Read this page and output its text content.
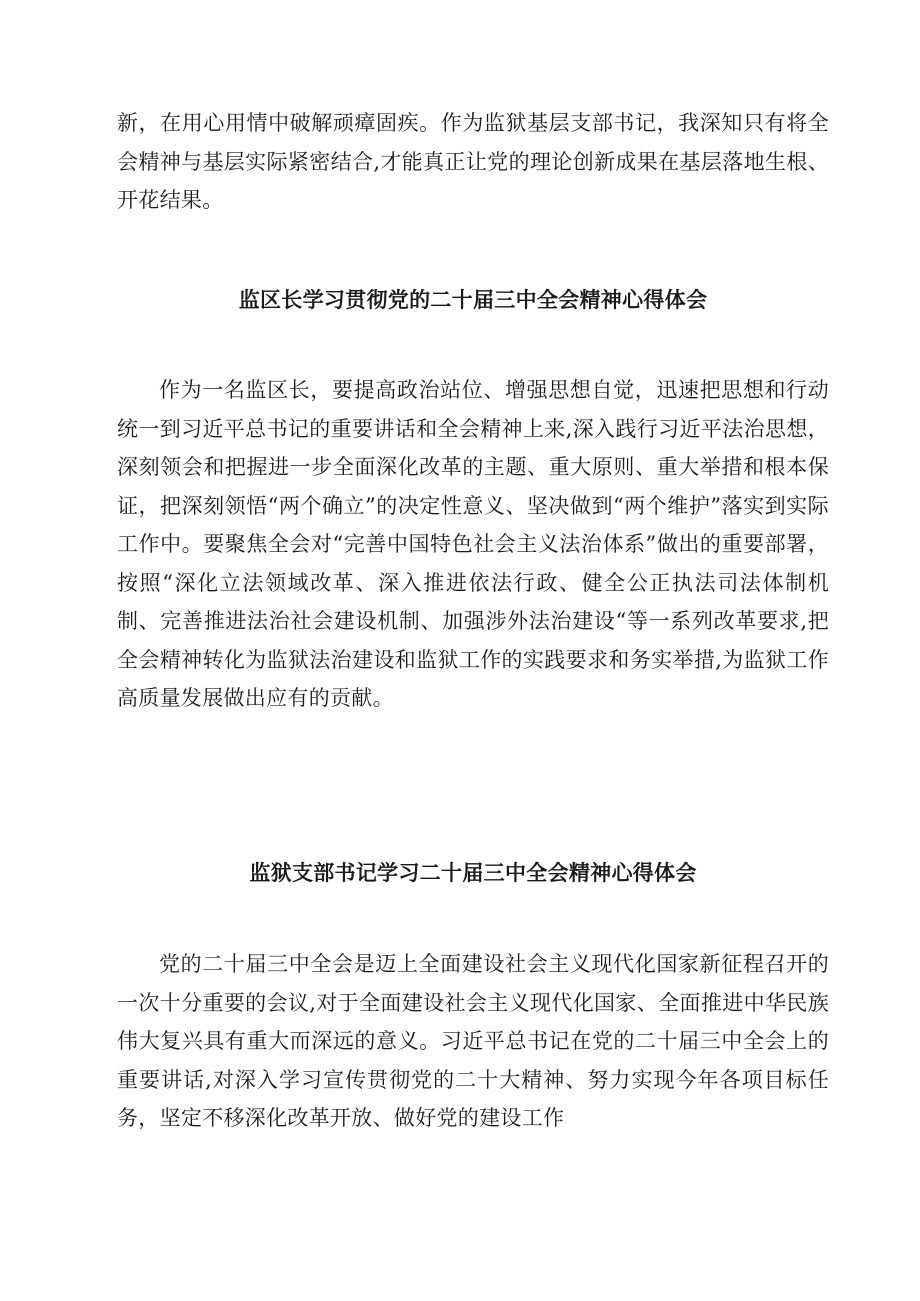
新，在用心用情中破解顽瘴固疾。作为监狱基层支部书记，我深知只有将全会精神与基层实际紧密结合,才能真正让党的理论创新成果在基层落地生根、开花结果。

监区长学习贯彻党的二十届三中全会精神心得体会

作为一名监区长，要提高政治站位、增强思想自觉，迅速把思想和行动统一到习近平总书记的重要讲话和全会精神上来,深入践行习近平法治思想，深刻领会和把握进一步全面深化改革的主题、重大原则、重大举措和根本保证，把深刻领悟“两个确立”的决定性意义、坚决做到“两个维护”落实到实际工作中。要聚焦全会对“完善中国特色社会主义法治体系”做出的重要部署，按照“深化立法领域改革、深入推进依法行政、健全公正执法司法体制机制、完善推进法治社会建设机制、加强涉外法治建设“等一系列改革要求,把全会精神转化为监狱法治建设和监狱工作的实践要求和务实举措,为监狱工作高质量发展做出应有的贡献。

监狱支部书记学习二十届三中全会精神心得体会

党的二十届三中全会是迈上全面建设社会主义现代化国家新征程召开的一次十分重要的会议,对于全面建设社会主义现代化国家、全面推进中华民族伟大复兴具有重大而深远的意义。习近平总书记在党的二十届三中全会上的重要讲话,对深入学习宣传贯彻党的二十大精神、努力实现今年各项目标任务，坚定不移深化改革开放、做好党的建设工作
